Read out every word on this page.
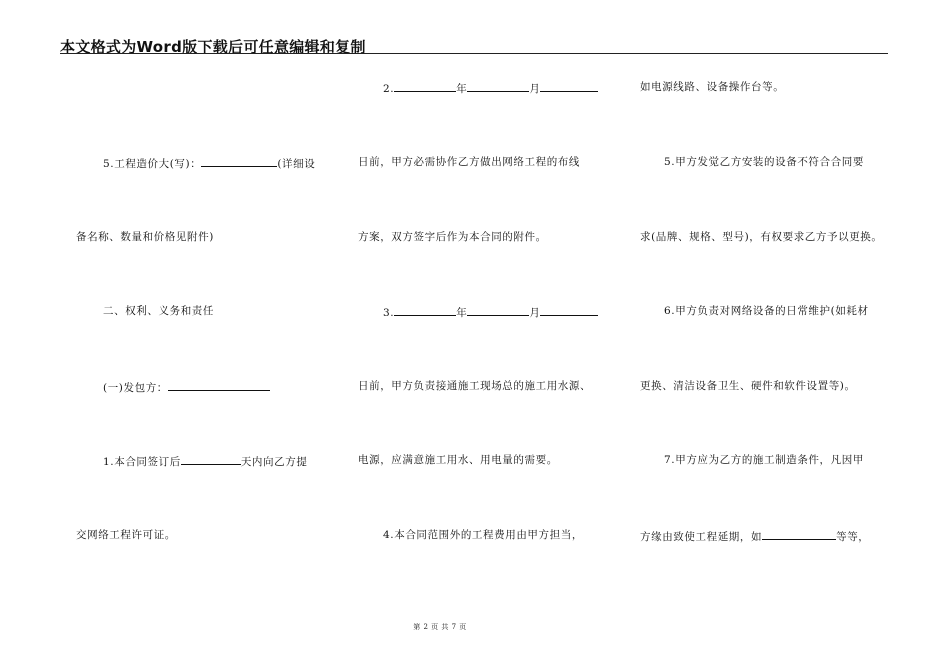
本文格式为Word版下载后可任意编辑和复制
5.工程造价大(写)：	(详细设
备名称、数量和价格见附件)
二、权利、义务和责任
(一)发包方：
1.本合同签订后	天内向乙方提
交网络工程许可证。
2.	年	月
日前，甲方必需协作乙方做出网络工程的布线
方案，双方签字后作为本合同的附件。
3.	年	月
日前，甲方负责接通施工现场总的施工用水源、
电源，应满意施工用水、用电量的需要。
4.本合同范围外的工程费用由甲方担当，
如电源线路、设备操作台等。
5.甲方发觉乙方安装的设备不符合合同要
求(品牌、规格、型号)，有权要求乙方予以更换。
6.甲方负责对网络设备的日常维护(如耗材
更换、清洁设备卫生、硬件和软件设置等)。
7.甲方应为乙方的施工制造条件，凡因甲
方缘由致使工程延期，如	等等，
第 2 页 共 7 页
